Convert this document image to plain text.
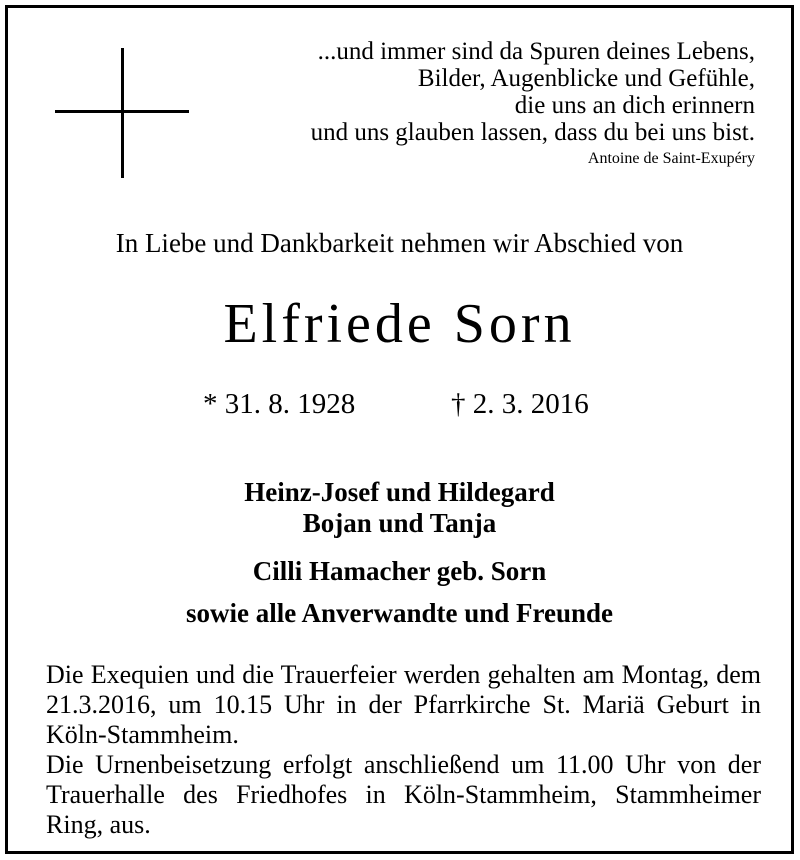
...und immer sind da Spuren deines Lebens,
Bilder, Augenblicke und Gefühle,
die uns an dich erinnern
und uns glauben lassen, dass du bei uns bist.
Antoine de Saint-Exupéry
In Liebe und Dankbarkeit nehmen wir Abschied von
Elfriede Sorn
* 31. 8. 1928	† 2. 3. 2016
Heinz-Josef und Hildegard
Bojan und Tanja
Cilli Hamacher geb. Sorn
sowie alle Anverwandte und Freunde
Die Exequien und die Trauerfeier werden gehalten am Montag, dem 21.3.2016, um 10.15 Uhr in der Pfarrkirche St. Mariä Geburt in Köln-Stammheim.
Die Urnenbeisetzung erfolgt anschließend um 11.00 Uhr von der Trauerhalle des Friedhofes in Köln-Stammheim, Stammheimer Ring, aus.
